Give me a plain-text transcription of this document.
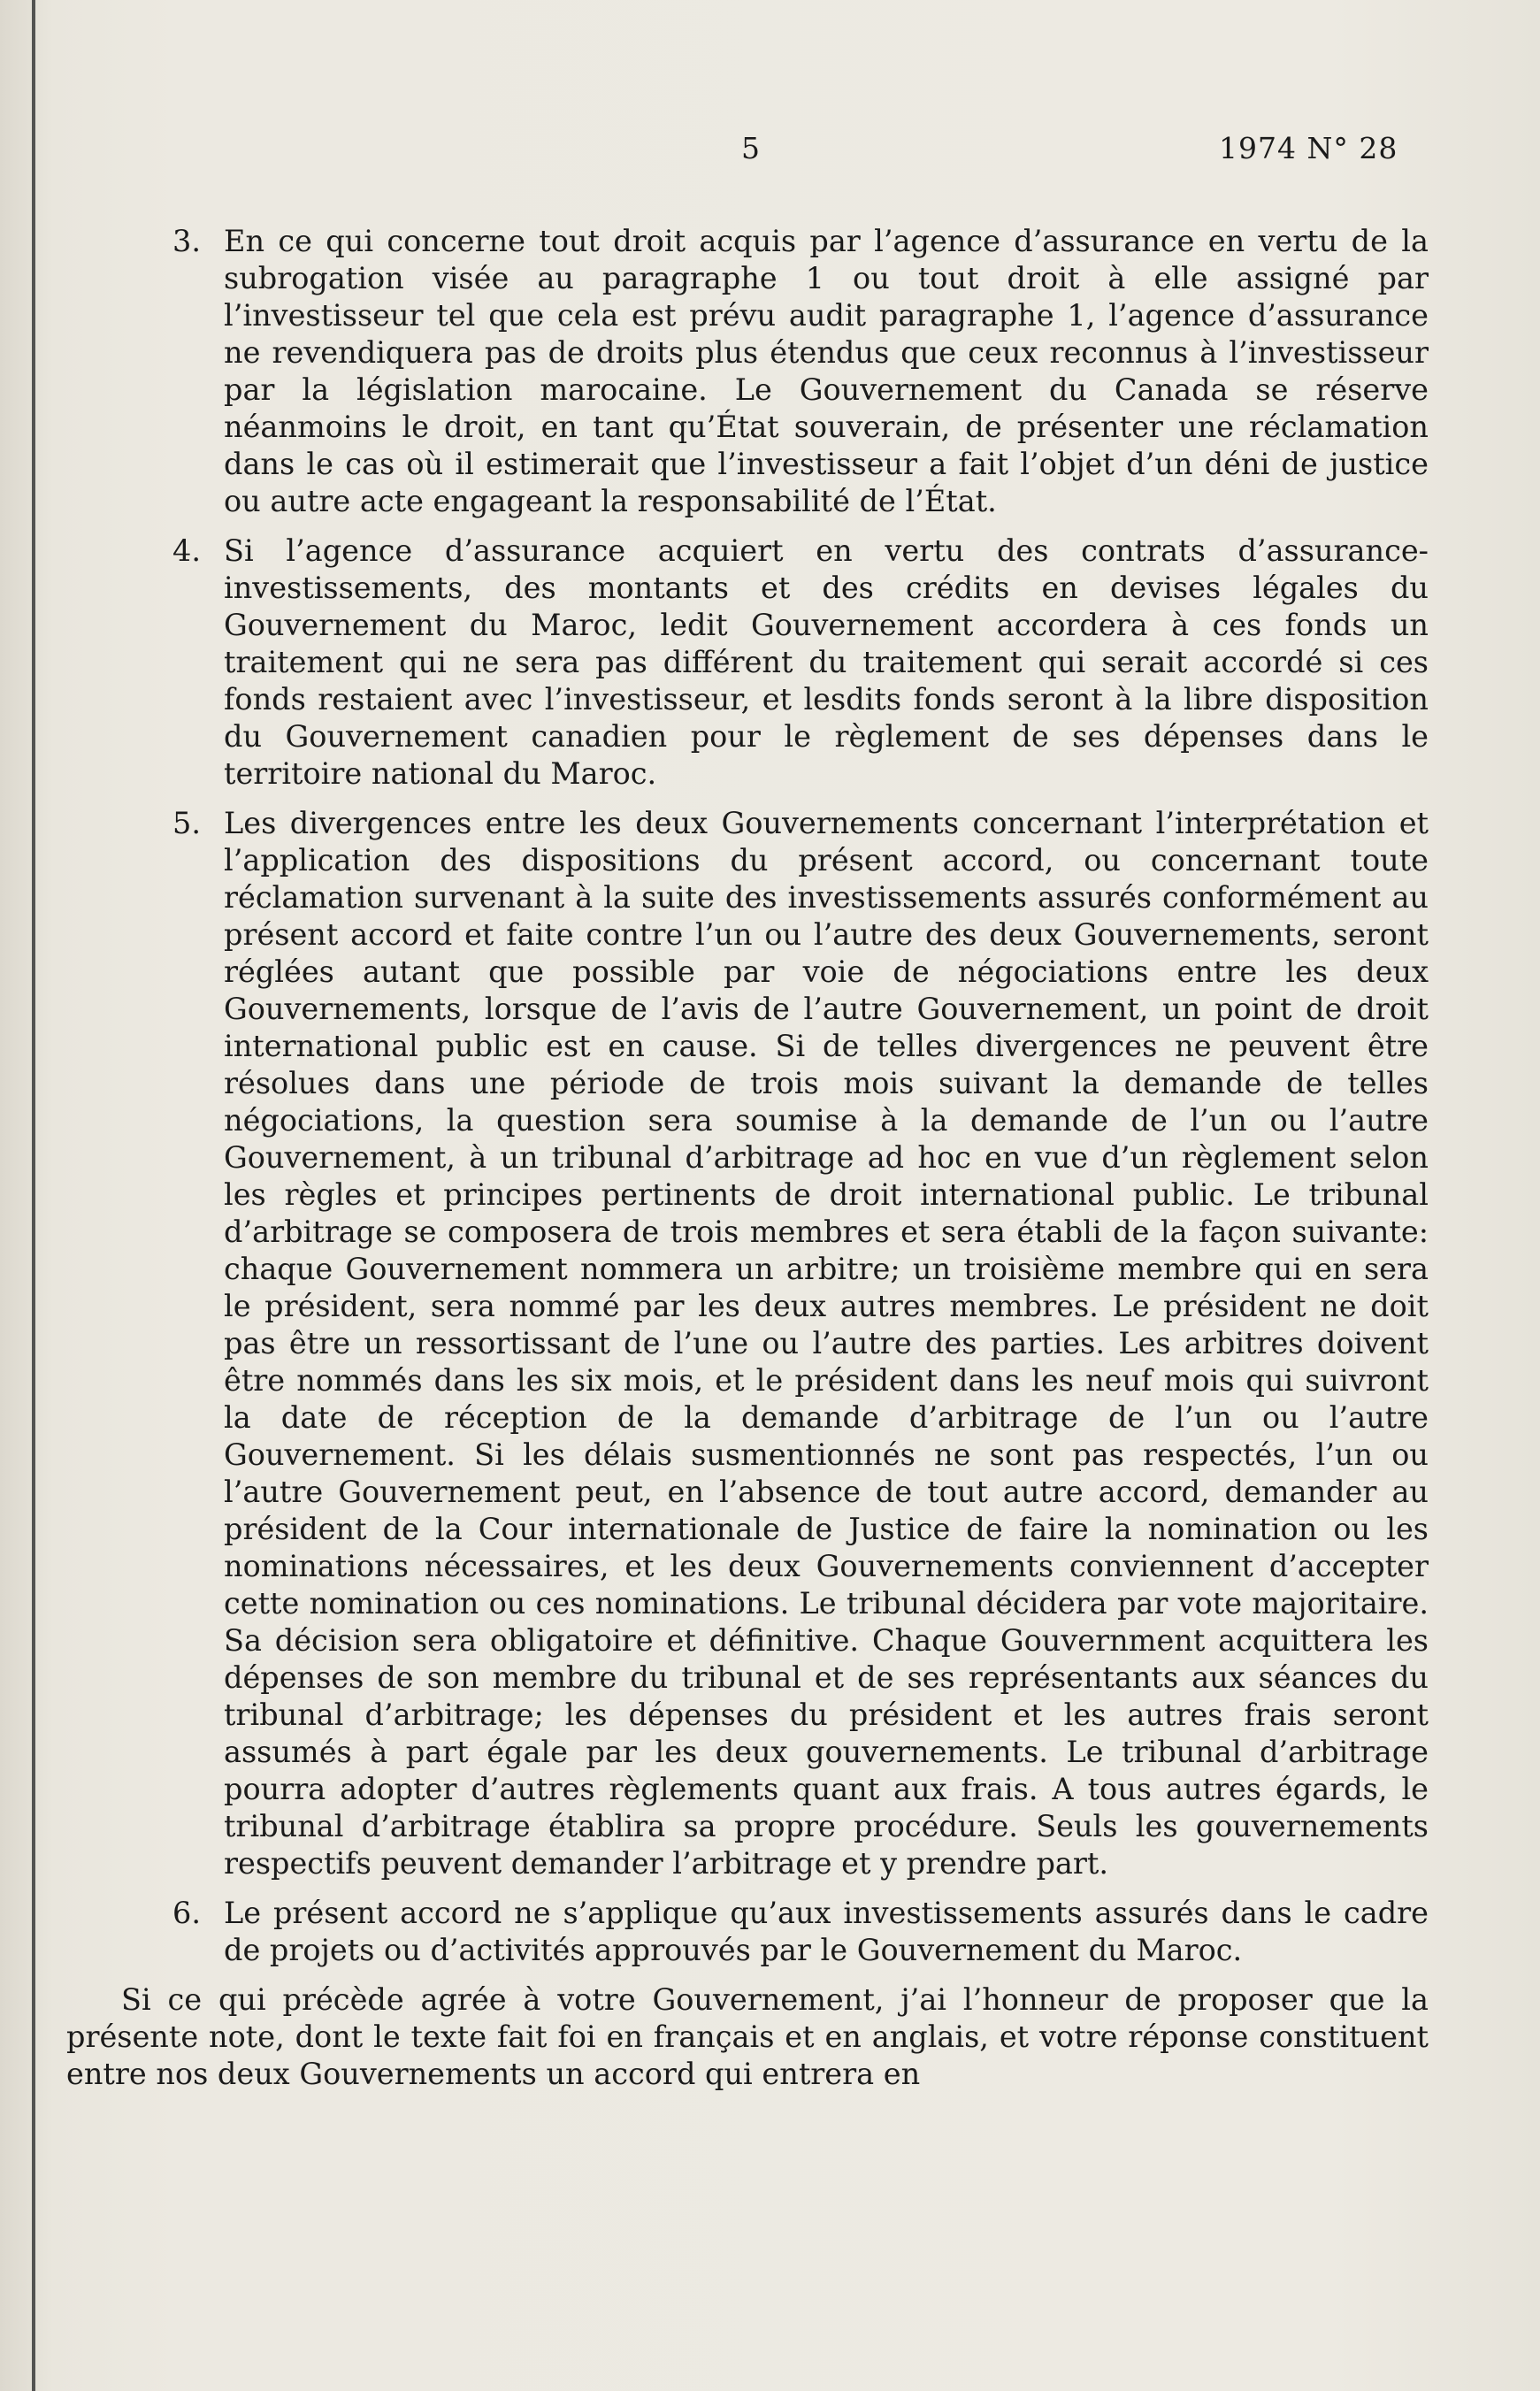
5	1974 N° 28
3. En ce qui concerne tout droit acquis par l’agence d’assurance en vertu de la subrogation visée au paragraphe 1 ou tout droit à elle assigné par l’investisseur tel que cela est prévu audit paragraphe 1, l’agence d’assurance ne revendiquera pas de droits plus étendus que ceux reconnus à l’investisseur par la législation marocaine. Le Gouvernement du Canada se réserve néanmoins le droit, en tant qu’État souverain, de présenter une réclamation dans le cas où il estimerait que l’investisseur a fait l’objet d’un déni de justice ou autre acte engageant la responsabilité de l’État.
4. Si l’agence d’assurance acquiert en vertu des contrats d’assurance-investissements, des montants et des crédits en devises légales du Gouvernement du Maroc, ledit Gouvernement accordera à ces fonds un traitement qui ne sera pas différent du traitement qui serait accordé si ces fonds restaient avec l’investisseur, et lesdits fonds seront à la libre disposition du Gouvernement canadien pour le règlement de ses dépenses dans le territoire national du Maroc.
5. Les divergences entre les deux Gouvernements concernant l’interprétation et l’application des dispositions du présent accord, ou concernant toute réclamation survenant à la suite des investissements assurés conformément au présent accord et faite contre l’un ou l’autre des deux Gouvernements, seront réglées autant que possible par voie de négociations entre les deux Gouvernements, lorsque de l’avis de l’autre Gouvernement, un point de droit international public est en cause. Si de telles divergences ne peuvent être résolues dans une période de trois mois suivant la demande de telles négociations, la question sera soumise à la demande de l’un ou l’autre Gouvernement, à un tribunal d’arbitrage ad hoc en vue d’un règlement selon les règles et principes pertinents de droit international public. Le tribunal d’arbitrage se composera de trois membres et sera établi de la façon suivante: chaque Gouvernement nommera un arbitre; un troisième membre qui en sera le président, sera nommé par les deux autres membres. Le président ne doit pas être un ressortissant de l’une ou l’autre des parties. Les arbitres doivent être nommés dans les six mois, et le président dans les neuf mois qui suivront la date de réception de la demande d’arbitrage de l’un ou l’autre Gouvernement. Si les délais susmentionnés ne sont pas respectés, l’un ou l’autre Gouvernement peut, en l’absence de tout autre accord, demander au président de la Cour internationale de Justice de faire la nomination ou les nominations nécessaires, et les deux Gouvernements conviennent d’accepter cette nomination ou ces nominations. Le tribunal décidera par vote majoritaire. Sa décision sera obligatoire et définitive. Chaque Gouvernment acquittera les dépenses de son membre du tribunal et de ses représentants aux séances du tribunal d’arbitrage; les dépenses du président et les autres frais seront assumés à part égale par les deux gouvernements. Le tribunal d’arbitrage pourra adopter d’autres règlements quant aux frais. A tous autres égards, le tribunal d’arbitrage établira sa propre procédure. Seuls les gouvernements respectifs peuvent demander l’arbitrage et y prendre part.
6. Le présent accord ne s’applique qu’aux investissements assurés dans le cadre de projets ou d’activités approuvés par le Gouvernement du Maroc.
Si ce qui précède agrée à votre Gouvernement, j’ai l’honneur de proposer que la présente note, dont le texte fait foi en français et en anglais, et votre réponse constituent entre nos deux Gouvernements un accord qui entrera en
